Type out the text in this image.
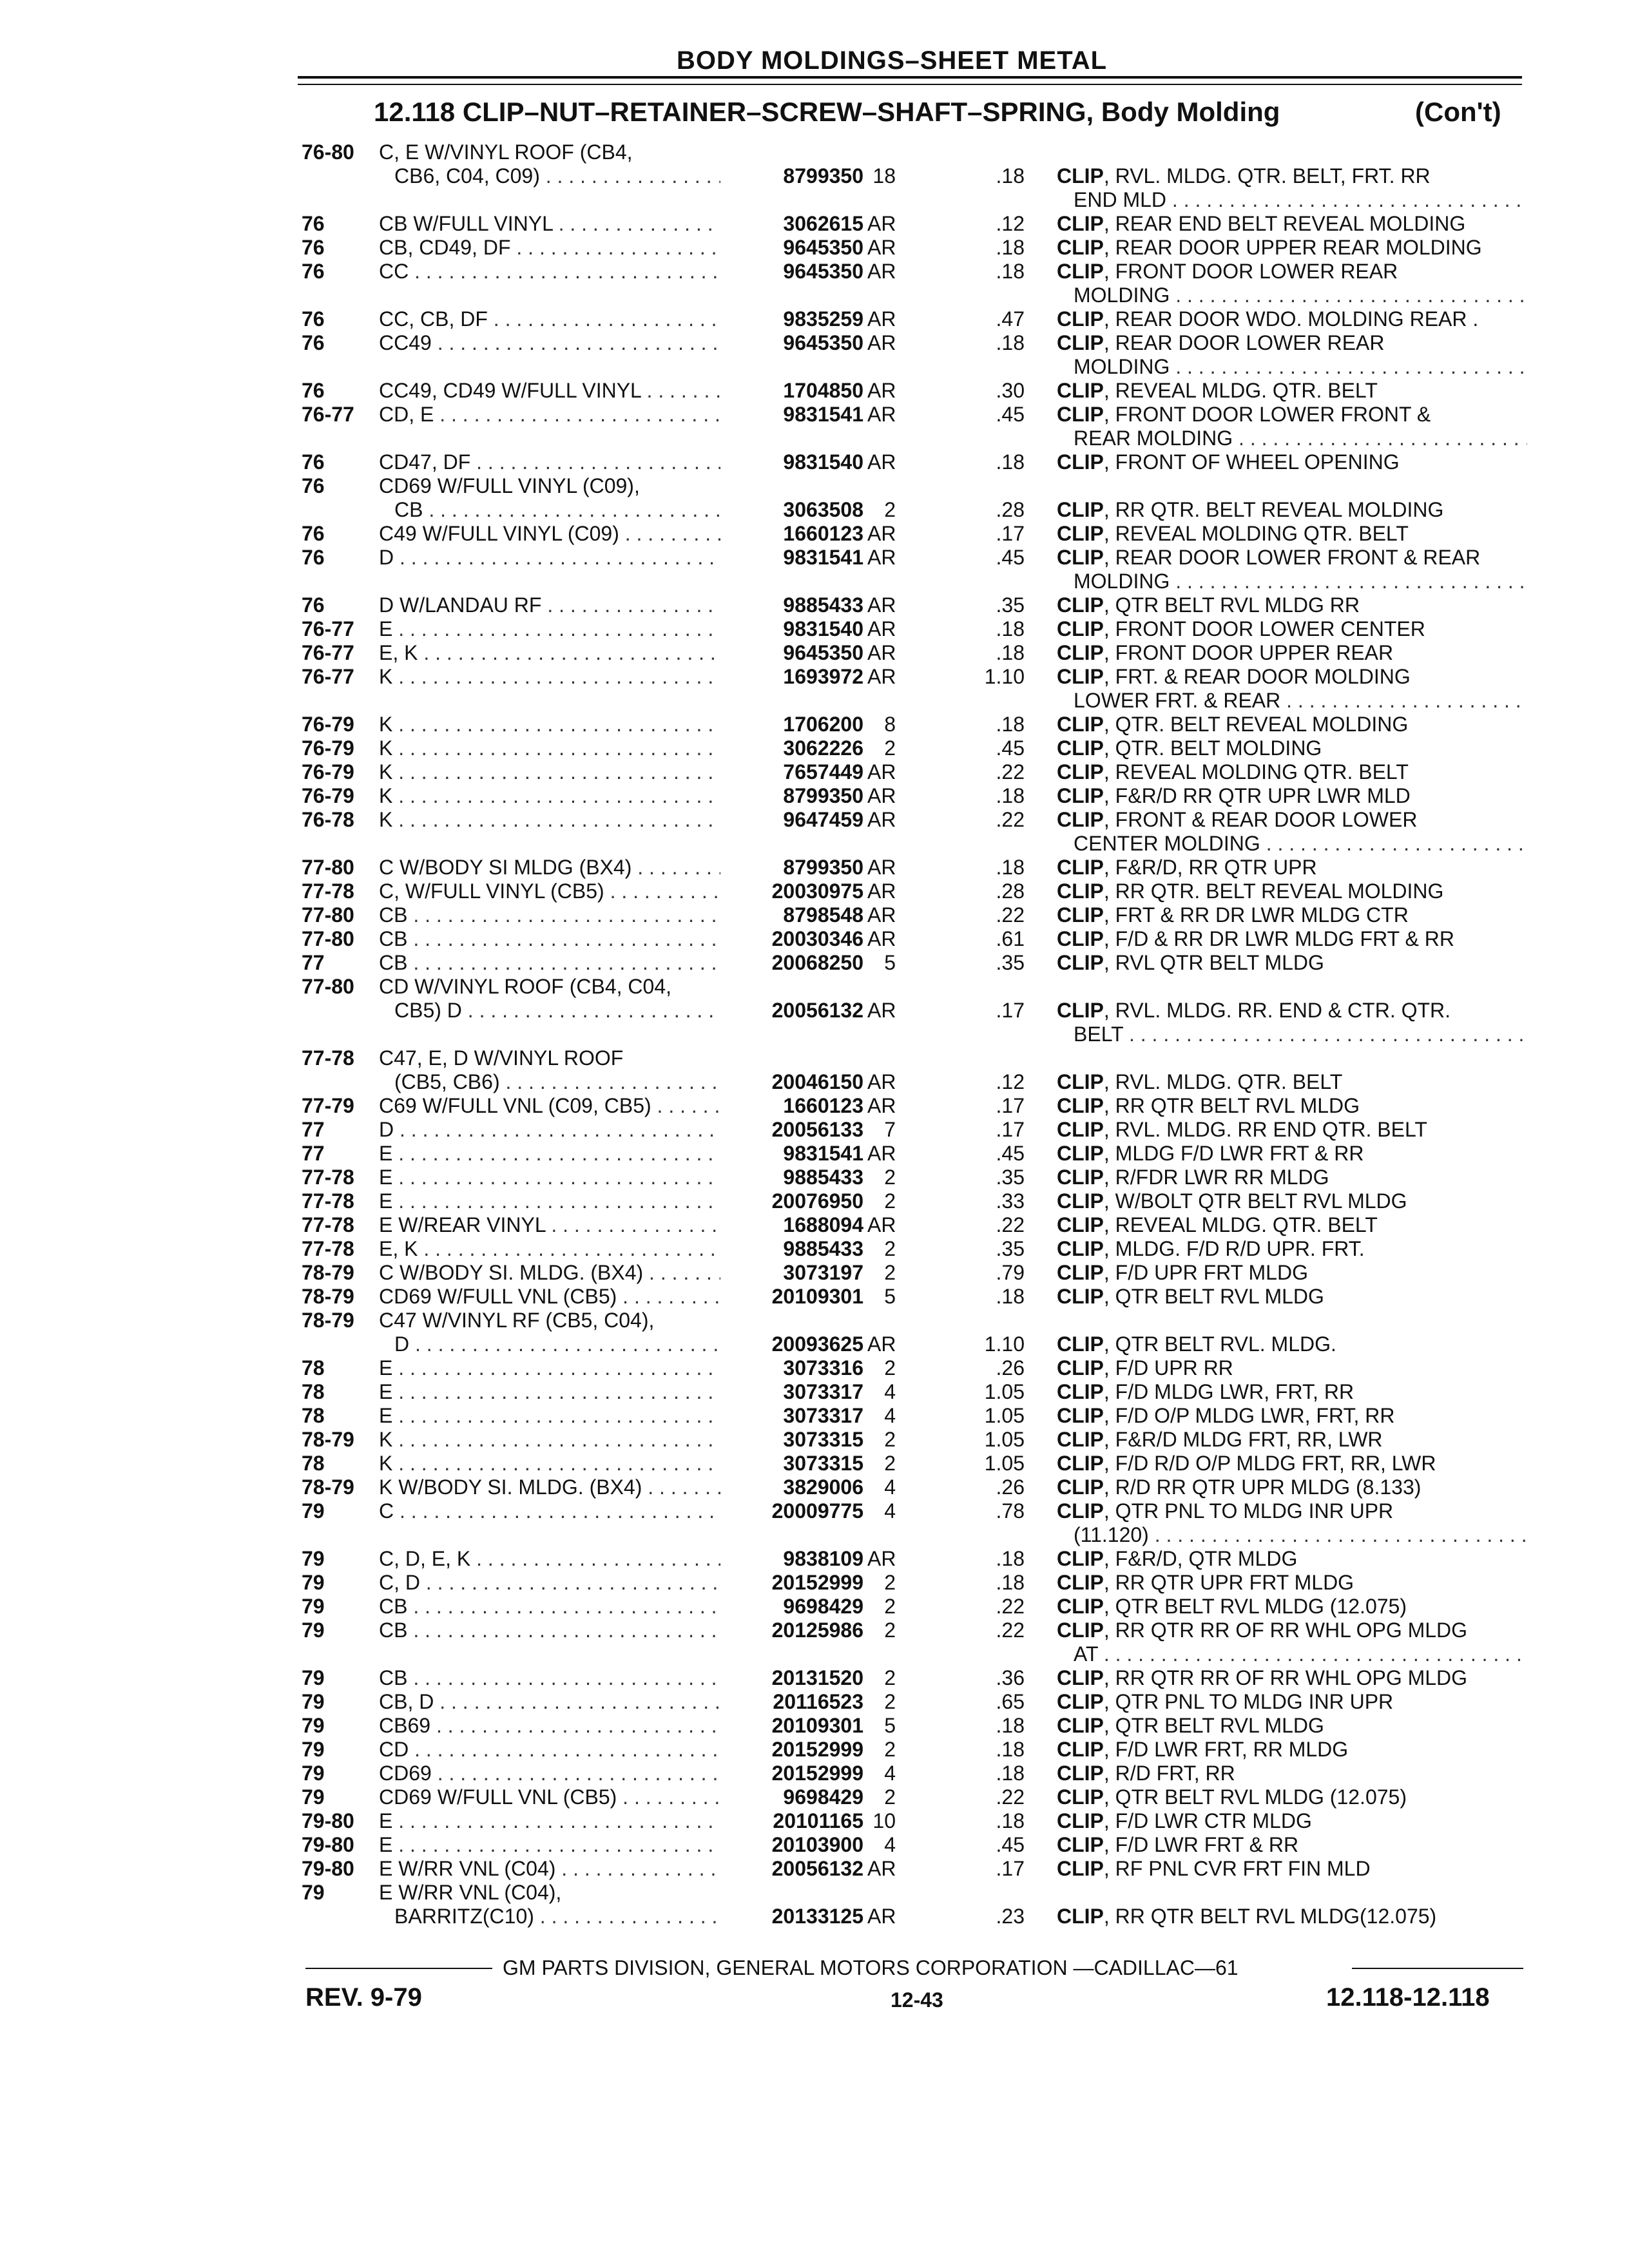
BODY MOLDINGS–SHEET METAL
12.118 CLIP–NUT–RETAINER–SCREW–SHAFT–SPRING, Body Molding	(Con't)
76-80 C, E W/VINYL ROOF (CB4,
CB6, C04, C09) . . .	8799350 18	.18 CLIP, RVL. MLDG. QTR. BELT, FRT. RR
END MLD . . .
76	CB W/FULL VINYL . . .	3062615 AR	.12 CLIP, REAR END BELT REVEAL MOLDING
76	CB, CD49, DF . . .	9645350 AR	.18 CLIP, REAR DOOR UPPER REAR MOLDING
76	CC . . .	9645350 AR	.18 CLIP, FRONT DOOR LOWER REAR
MOLDING . . .
76	CC, CB, DF . . .	9835259 AR	.47 CLIP, REAR DOOR WDO. MOLDING REAR .
76	CC49 . . .	9645350 AR	.18 CLIP, REAR DOOR LOWER REAR
MOLDING . . .
76	CC49, CD49 W/FULL VINYL . . .	1704850 AR	.30 CLIP, REVEAL MLDG. QTR. BELT
76-77 CD, E . . .	9831541 AR	.45 CLIP, FRONT DOOR LOWER FRONT &
REAR MOLDING . . .
76	CD47, DF . . .	9831540 AR	.18 CLIP, FRONT OF WHEEL OPENING
76	CD69 W/FULL VINYL (C09),
CB . . .	3063508	2	.28 CLIP, RR QTR. BELT REVEAL MOLDING
76	C49 W/FULL VINYL (C09) . . .	1660123 AR	.17 CLIP, REVEAL MOLDING QTR. BELT
76	D . . .	9831541 AR	.45 CLIP, REAR DOOR LOWER FRONT & REAR
MOLDING . . .
76	D W/LANDAU RF . . .	9885433 AR	.35 CLIP, QTR BELT RVL MLDG RR
76-77 E . . .	9831540 AR	.18 CLIP, FRONT DOOR LOWER CENTER
76-77 E, K . . .	9645350 AR	.18 CLIP, FRONT DOOR UPPER REAR
76-77 K . . .	1693972 AR	1.10 CLIP, FRT. & REAR DOOR MOLDING
LOWER FRT. & REAR . . .
76-79 K . . .	1706200	8	.18 CLIP, QTR. BELT REVEAL MOLDING
76-79 K . . .	3062226	2	.45 CLIP, QTR. BELT MOLDING
76-79 K . . .	7657449 AR	.22 CLIP, REVEAL MOLDING QTR. BELT
76-79 K . . .	8799350 AR	.18 CLIP, F&R/D RR QTR UPR LWR MLD
76-78 K . . .	9647459 AR	.22 CLIP, FRONT & REAR DOOR LOWER
CENTER MOLDING . . .
77-80 C W/BODY SI MLDG (BX4) . . .	8799350 AR	.18 CLIP, F&R/D, RR QTR UPR
77-78 C, W/FULL VINYL (CB5) . . .	20030975 AR	.28 CLIP, RR QTR. BELT REVEAL MOLDING
77-80 CB . . .	8798548 AR	.22 CLIP, FRT & RR DR LWR MLDG CTR
77-80 CB . . .	20030346 AR	.61 CLIP, F/D & RR DR LWR MLDG FRT & RR
77	CB . . .	20068250	5	.35 CLIP, RVL QTR BELT MLDG
77-80 CD W/VINYL ROOF (CB4, C04,
CB5) D . . .	20056132 AR	.17 CLIP, RVL. MLDG. RR. END & CTR. QTR.
BELT . . .
77-78 C47, E, D W/VINYL ROOF
(CB5, CB6) . . .	20046150 AR	.12 CLIP, RVL. MLDG. QTR. BELT
77-79 C69 W/FULL VNL (C09, CB5) . . .	1660123 AR	.17 CLIP, RR QTR BELT RVL MLDG
77	D . . .	20056133	7	.17 CLIP, RVL. MLDG. RR END QTR. BELT
77	E . . .	9831541 AR	.45 CLIP, MLDG F/D LWR FRT & RR
77-78 E . . .	9885433	2	.35 CLIP, R/FDR LWR RR MLDG
77-78 E . . .	20076950	2	.33 CLIP, W/BOLT QTR BELT RVL MLDG
77-78 E W/REAR VINYL . . .	1688094 AR	.22 CLIP, REVEAL MLDG. QTR. BELT
77-78 E, K . . .	9885433	2	.35 CLIP, MLDG. F/D R/D UPR. FRT.
78-79 C W/BODY SI. MLDG. (BX4) . . .	3073197	2	.79 CLIP, F/D UPR FRT MLDG
78-79 CD69 W/FULL VNL (CB5) . . .	20109301	5	.18 CLIP, QTR BELT RVL MLDG
78-79 C47 W/VINYL RF (CB5, C04),
D . . .	20093625 AR	1.10 CLIP, QTR BELT RVL. MLDG.
78	E . . .	3073316	2	.26 CLIP, F/D UPR RR
78	E . . .	3073317	4	1.05 CLIP, F/D MLDG LWR, FRT, RR
78	E . . .	3073317	4	1.05 CLIP, F/D O/P MLDG LWR, FRT, RR
78-79 K . . .	3073315	2	1.05 CLIP, F&R/D MLDG FRT, RR, LWR
78	K . . .	3073315	2	1.05 CLIP, F/D R/D O/P MLDG FRT, RR, LWR
78-79 K W/BODY SI. MLDG. (BX4) . . .	3829006	4	.26 CLIP, R/D RR QTR UPR MLDG (8.133)
79	C . . .	20009775	4	.78 CLIP, QTR PNL TO MLDG INR UPR
(11.120) . . .
79	C, D, E, K . . .	9838109 AR	.18 CLIP, F&R/D, QTR MLDG
79	C, D . . .	20152999	2	.18 CLIP, RR QTR UPR FRT MLDG
79	CB . . .	9698429	2	.22 CLIP, QTR BELT RVL MLDG (12.075)
79	CB . . .	20125986	2	.22 CLIP, RR QTR RR OF RR WHL OPG MLDG
AT . . .
79	CB . . .	20131520	2	.36 CLIP, RR QTR RR OF RR WHL OPG MLDG
79	CB, D . . .	20116523	2	.65 CLIP, QTR PNL TO MLDG INR UPR
79	CB69 . . .	20109301	5	.18 CLIP, QTR BELT RVL MLDG
79	CD . . .	20152999	2	.18 CLIP, F/D LWR FRT, RR MLDG
79	CD69 . . .	20152999	4	.18 CLIP, R/D FRT, RR
79	CD69 W/FULL VNL (CB5) . . .	9698429	2	.22 CLIP, QTR BELT RVL MLDG (12.075)
79-80 E . . .	20101165 10	.18 CLIP, F/D LWR CTR MLDG
79-80 E . . .	20103900	4	.45 CLIP, F/D LWR FRT & RR
79-80 E W/RR VNL (C04) . . .	20056132 AR	.17 CLIP, RF PNL CVR FRT FIN MLD
79	E W/RR VNL (C04),
BARRITZ(C10) . . .	20133125 AR	.23 CLIP, RR QTR BELT RVL MLDG(12.075)
GM PARTS DIVISION, GENERAL MOTORS CORPORATION —CADILLAC—61
REV. 9-79	12-43	12.118-12.118
